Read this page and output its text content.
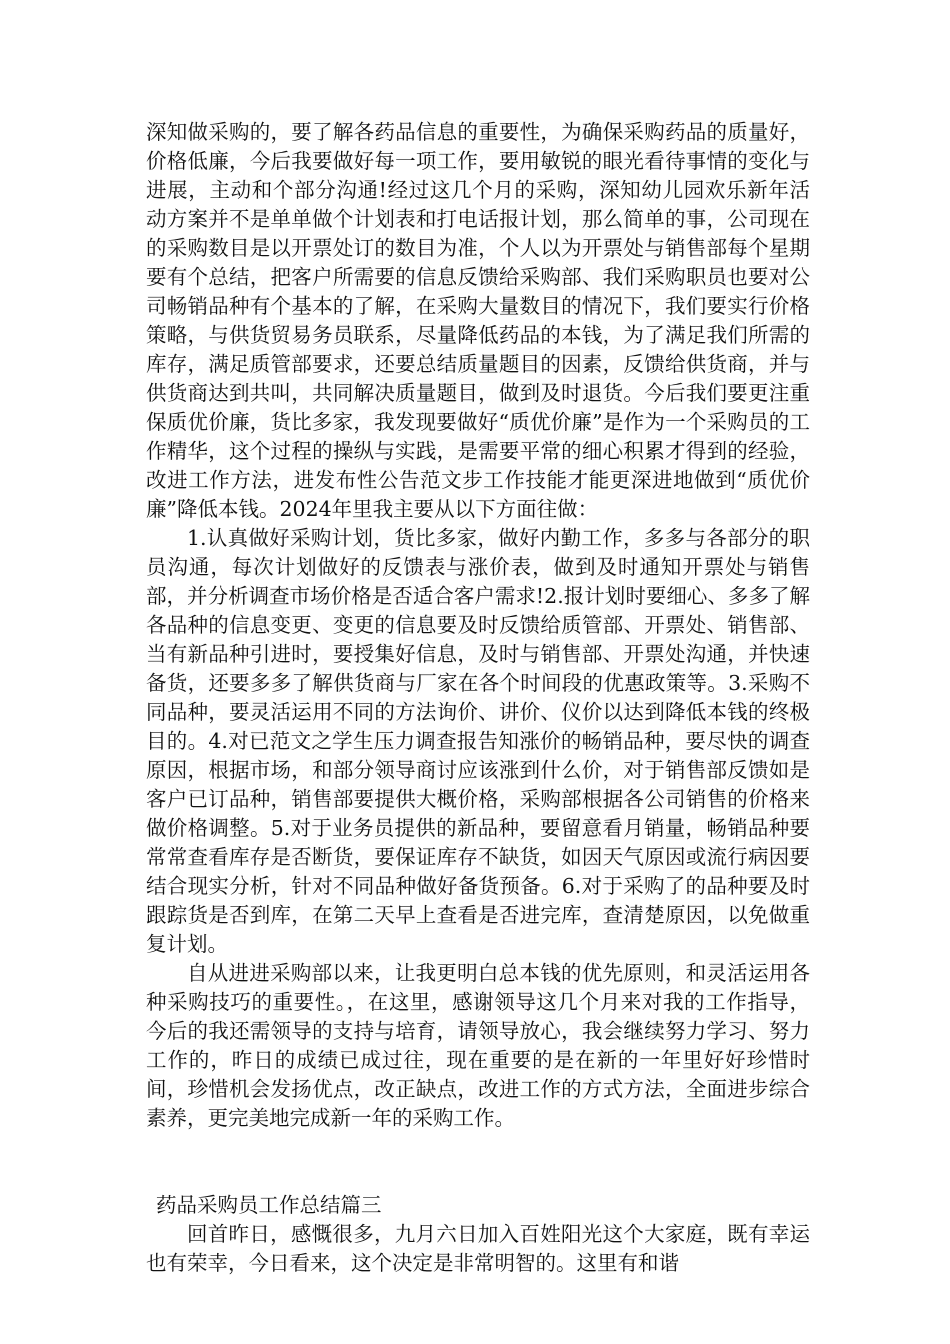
深知做采购的，要了解各药品信息的重要性，为确保采购药品的质量好，价格低廉，今后我要做好每一项工作，要用敏锐的眼光看待事情的变化与进展，主动和个部分沟通!经过这几个月的采购，深知幼儿园欢乐新年活动方案并不是单单做个计划表和打电话报计划，那么简单的事，公司现在的采购数目是以开票处订的数目为准，个人以为开票处与销售部每个星期要有个总结，把客户所需要的信息反馈给采购部、我们采购职员也要对公司畅销品种有个基本的了解，在采购大量数目的情况下，我们要实行价格策略，与供货贸易务员联系，尽量降低药品的本钱，为了满足我们所需的库存，满足质管部要求，还要总结质量题目的因素，反馈给供货商，并与供货商达到共叫，共同解决质量题目，做到及时退货。今后我们要更注重保质优价廉，货比多家，我发现要做好“质优价廉”是作为一个采购员的工作精华，这个过程的操纵与实践，是需要平常的细心积累才得到的经验，改进工作方法，进发布性公告范文步工作技能才能更深进地做到“质优价廉”降低本钱。2024年里我主要从以下方面往做：

1.认真做好采购计划，货比多家，做好内勤工作，多多与各部分的职员沟通，每次计划做好的反馈表与涨价表，做到及时通知开票处与销售部，并分析调查市场价格是否适合客户需求!2.报计划时要细心、多多了解各品种的信息变更、变更的信息要及时反馈给质管部、开票处、销售部、当有新品种引进时，要授集好信息，及时与销售部、开票处沟通，并快速备货，还要多多了解供货商与厂家在各个时间段的优惠政策等。3.采购不同品种，要灵活运用不同的方法询价、讲价、仪价以达到降低本钱的终极目的。4.对已范文之学生压力调查报告知涨价的畅销品种，要尽快的调查原因，根据市场，和部分领导商讨应该涨到什么价，对于销售部反馈如是客户已订品种，销售部要提供大概价格，采购部根据各公司销售的价格来做价格调整。5.对于业务员提供的新品种，要留意看月销量，畅销品种要常常查看库存是否断货，要保证库存不缺货，如因天气原因或流行病因要结合现实分析，针对不同品种做好备货预备。6.对于采购了的品种要及时跟踪货是否到库，在第二天早上查看是否进完库，查清楚原因，以免做重复计划。

自从进进采购部以来，让我更明白总本钱的优先原则，和灵活运用各种采购技巧的重要性。，在这里，感谢领导这几个月来对我的工作指导，今后的我还需领导的支持与培育，请领导放心，我会继续努力学习、努力工作的，昨日的成绩已成过往，现在重要的是在新的一年里好好珍惜时间，珍惜机会发扬优点，改正缺点，改进工作的方式方法，全面进步综合素养，更完美地完成新一年的采购工作。

药品采购员工作总结篇三

回首昨日，感慨很多，九月六日加入百姓阳光这个大家庭，既有幸运也有荣幸，今日看来，这个决定是非常明智的。这里有和谐
